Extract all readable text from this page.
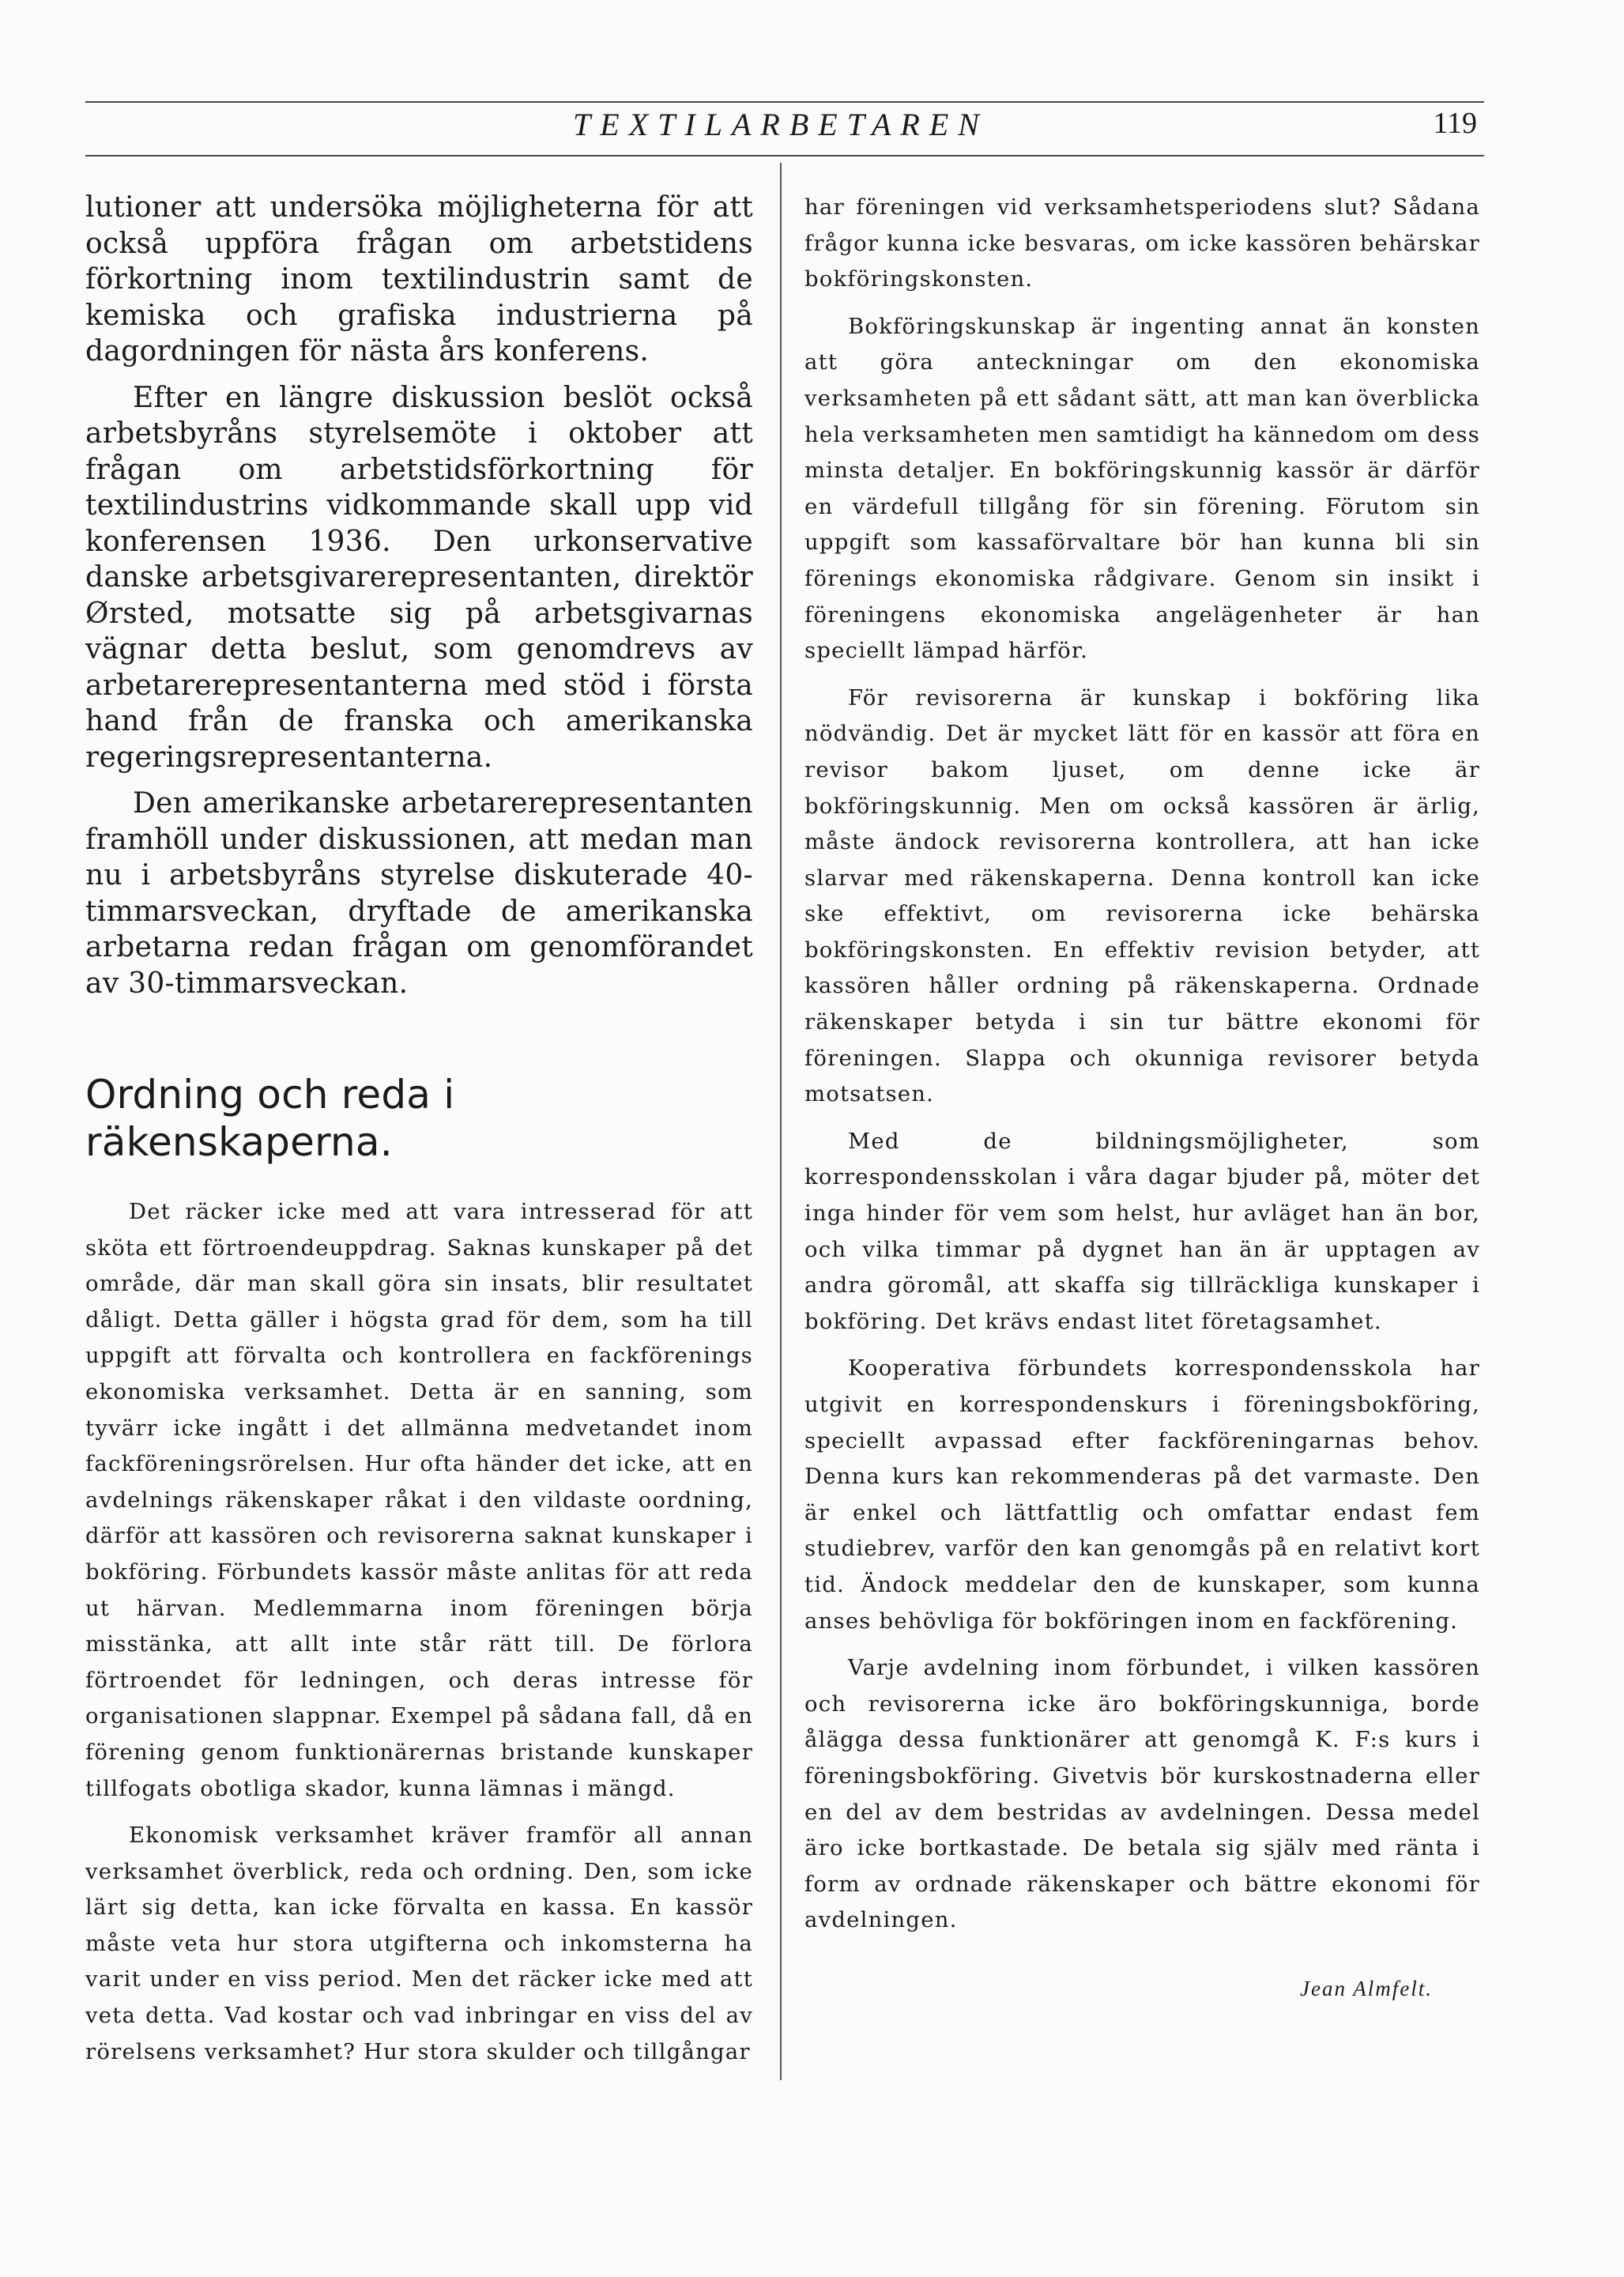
TEXTILARBETAREN	119

lutioner att undersöka möjligheterna för att också uppföra frågan om arbetstidens förkortning inom textilindustrin samt de kemiska och grafiska industrierna på dagordningen för nästa års konferens.

Efter en längre diskussion beslöt också arbetsbyråns styrelsemöte i oktober att frågan om arbetstidsförkortning för textilindustrins vidkommande skall upp vid konferensen 1936. Den urkonservative danske arbetsgivarerepresentanten, direktör Ørsted, motsatte sig på arbetsgivarnas vägnar detta beslut, som genomdrevs av arbetarerepresentanterna med stöd i första hand från de franska och amerikanska regeringsrepresentanterna.

Den amerikanske arbetarerepresentanten framhöll under diskussionen, att medan man nu i arbetsbyråns styrelse diskuterade 40-timmarsveckan, dryftade de amerikanska arbetarna redan frågan om genomförandet av 30-timmarsveckan.

Ordning och reda i räkenskaperna.

Det räcker icke med att vara intresserad för att sköta ett förtroendeuppdrag. Saknas kunskaper på det område, där man skall göra sin insats, blir resultatet dåligt. Detta gäller i högsta grad för dem, som ha till uppgift att förvalta och kontrollera en fackförenings ekonomiska verksamhet. Detta är en sanning, som tyvärr icke ingått i det allmänna medvetandet inom fackföreningsrörelsen. Hur ofta händer det icke, att en avdelnings räkenskaper råkat i den vildaste oordning, därför att kassören och revisorerna saknat kunskaper i bokföring. Förbundets kassör måste anlitas för att reda ut härvan. Medlemmarna inom föreningen börja misstänka, att allt inte står rätt till. De förlora förtroendet för ledningen, och deras intresse för organisationen slappnar. Exempel på sådana fall, då en förening genom funktionärernas bristande kunskaper tillfogats obotliga skador, kunna lämnas i mängd.

Ekonomisk verksamhet kräver framför all annan verksamhet överblick, reda och ordning. Den, som icke lärt sig detta, kan icke förvalta en kassa. En kassör måste veta hur stora utgifterna och inkomsterna ha varit under en viss period. Men det räcker icke med att veta detta. Vad kostar och vad inbringar en viss del av rörelsens verksamhet? Hur stora skulder och tillgångar

har föreningen vid verksamhetsperiodens slut? Sådana frågor kunna icke besvaras, om icke kassören behärskar bokföringskonsten.

Bokföringskunskap är ingenting annat än konsten att göra anteckningar om den ekonomiska verksamheten på ett sådant sätt, att man kan överblicka hela verksamheten men samtidigt ha kännedom om dess minsta detaljer. En bokföringskunnig kassör är därför en värdefull tillgång för sin förening. Förutom sin uppgift som kassaförvaltare bör han kunna bli sin förenings ekonomiska rådgivare. Genom sin insikt i föreningens ekonomiska angelägenheter är han speciellt lämpad härför.

För revisorerna är kunskap i bokföring lika nödvändig. Det är mycket lätt för en kassör att föra en revisor bakom ljuset, om denne icke är bokföringskunnig. Men om också kassören är ärlig, måste ändock revisorerna kontrollera, att han icke slarvar med räkenskaperna. Denna kontroll kan icke ske effektivt, om revisorerna icke behärska bokföringskonsten. En effektiv revision betyder, att kassören håller ordning på räkenskaperna. Ordnade räkenskaper betyda i sin tur bättre ekonomi för föreningen. Slappa och okunniga revisorer betyda motsatsen.

Med de bildningsmöjligheter, som korrespondensskolan i våra dagar bjuder på, möter det inga hinder för vem som helst, hur avläget han än bor, och vilka timmar på dygnet han än är upptagen av andra göromål, att skaffa sig tillräckliga kunskaper i bokföring. Det krävs endast litet företagsamhet.

Kooperativa förbundets korrespondensskola har utgivit en korrespondenskurs i föreningsbokföring, speciellt avpassad efter fackföreningarnas behov. Denna kurs kan rekommenderas på det varmaste. Den är enkel och lättfattlig och omfattar endast fem studiebrev, varför den kan genomgås på en relativt kort tid. Ändock meddelar den de kunskaper, som kunna anses behövliga för bokföringen inom en fackförening.

Varje avdelning inom förbundet, i vilken kassören och revisorerna icke äro bokföringskunniga, borde ålägga dessa funktionärer att genomgå K. F:s kurs i föreningsbokföring. Givetvis bör kurskostnaderna eller en del av dem bestridas av avdelningen. Dessa medel äro icke bortkastade. De betala sig själv med ränta i form av ordnade räkenskaper och bättre ekonomi för avdelningen.

Jean Almfelt.
